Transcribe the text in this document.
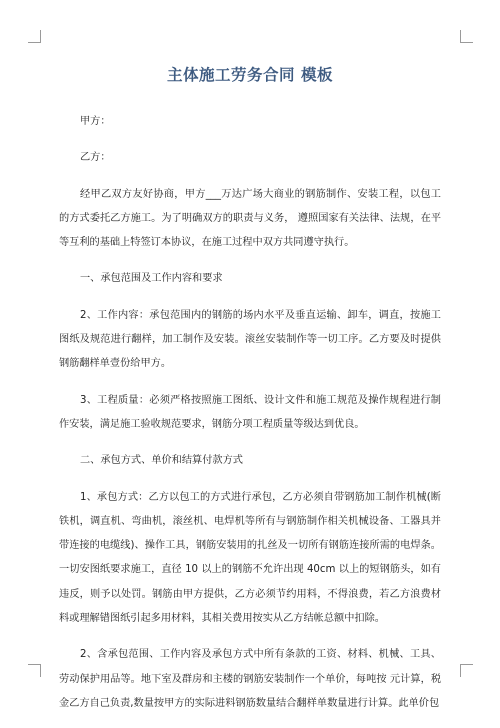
主体施工劳务合同 模板

甲方：

乙方：

经甲乙双方友好协商，甲方___万达广场大商业的钢筋制作、安装工程，以包工的方式委托乙方施工。为了明确双方的职责与义务， 遵照国家有关法律、法规，在平等互利的基础上特签订本协议，在施工过程中双方共同遵守执行。

一、承包范围及工作内容和要求

2、工作内容：承包范围内的钢筋的场内水平及垂直运输、卸车，调直，按施工图纸及规范进行翻样，加工制作及安装。滚丝安装制作等一切工序。乙方要及时提供钢筋翻样单壹份给甲方。

3、工程质量：必须严格按照施工图纸、设计文件和施工规范及操作规程进行制作安装，满足施工验收规范要求，钢筋分项工程质量等级达到优良。

二、承包方式、单价和结算付款方式

1、承包方式：乙方以包工的方式进行承包，乙方必须自带钢筋加工制作机械(断铁机，调直机、弯曲机，滚丝机、电焊机等所有与钢筋制作相关机械设备、工器具并带连接的电缆线)、操作工具，钢筋安装用的扎丝及一切所有钢筋连接所需的电焊条。一切安图纸要求施工，直径 10 以上的钢筋不允许出现 40cm 以上的短钢筋头，如有违反，则予以处罚。钢筋由甲方提供，乙方必须节约用料，不得浪费，若乙方浪费材料或理解错图纸引起多用材料，其相关费用按实从乙方结帐总额中扣除。

2、含承包范围、工作内容及承包方式中所有条款的工资、材料、机械、工具、劳动保护用品等。地下室及群房和主楼的钢筋安装制作一个单价，每吨按 元计算，税金乙方自己负责,数量按甲方的实际进料钢筋数量结合翻样单数量进行计算。此单价包
